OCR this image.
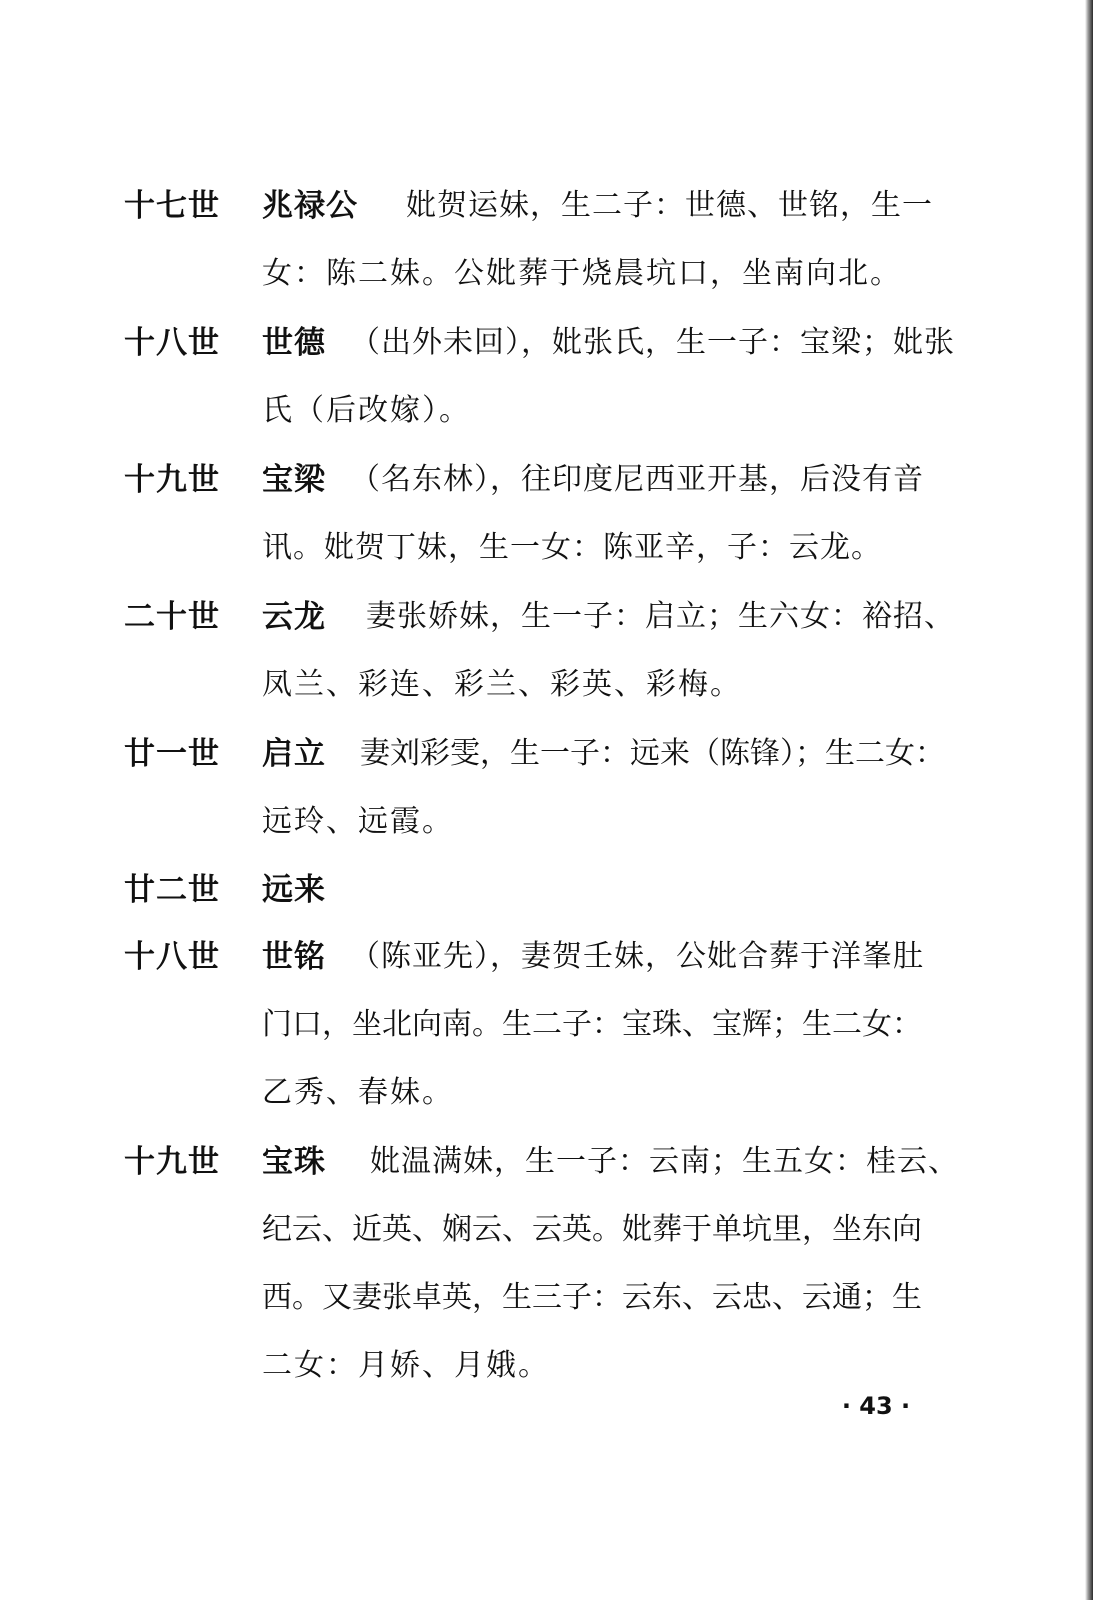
十七世	兆禄公 妣贺运妹，生二子：世德、世铭，生一
女：陈二妹。公妣葬于烧晨坑口，坐南向北。
十八世	世德 （出外未回），妣张氏，生一子：宝梁；妣张
氏（后改嫁）。
十九世	宝梁 （名东林），往印度尼西亚开基，后没有音
讯。妣贺丁妹，生一女：陈亚辛，子：云龙。
二十世	云龙 妻张娇妹，生一子：启立；生六女：裕招、
凤兰、彩连、彩兰、彩英、彩梅。
廿一世	启立 妻刘彩雯，生一子：远来（陈锋）；生二女：
远玲、远霞。
廿二世	远来
十八世	世铭 （陈亚先），妻贺壬妹，公妣合葬于洋峯肚
门口，坐北向南。生二子：宝珠、宝辉；生二女：
乙秀、春妹。
十九世	宝珠 妣温满妹，生一子：云南；生五女：桂云、
纪云、近英、娴云、云英。妣葬于单坑里，坐东向
西。又妻张卓英，生三子：云东、云忠、云通；生
二女：月娇、月娥。
· 43 ·
